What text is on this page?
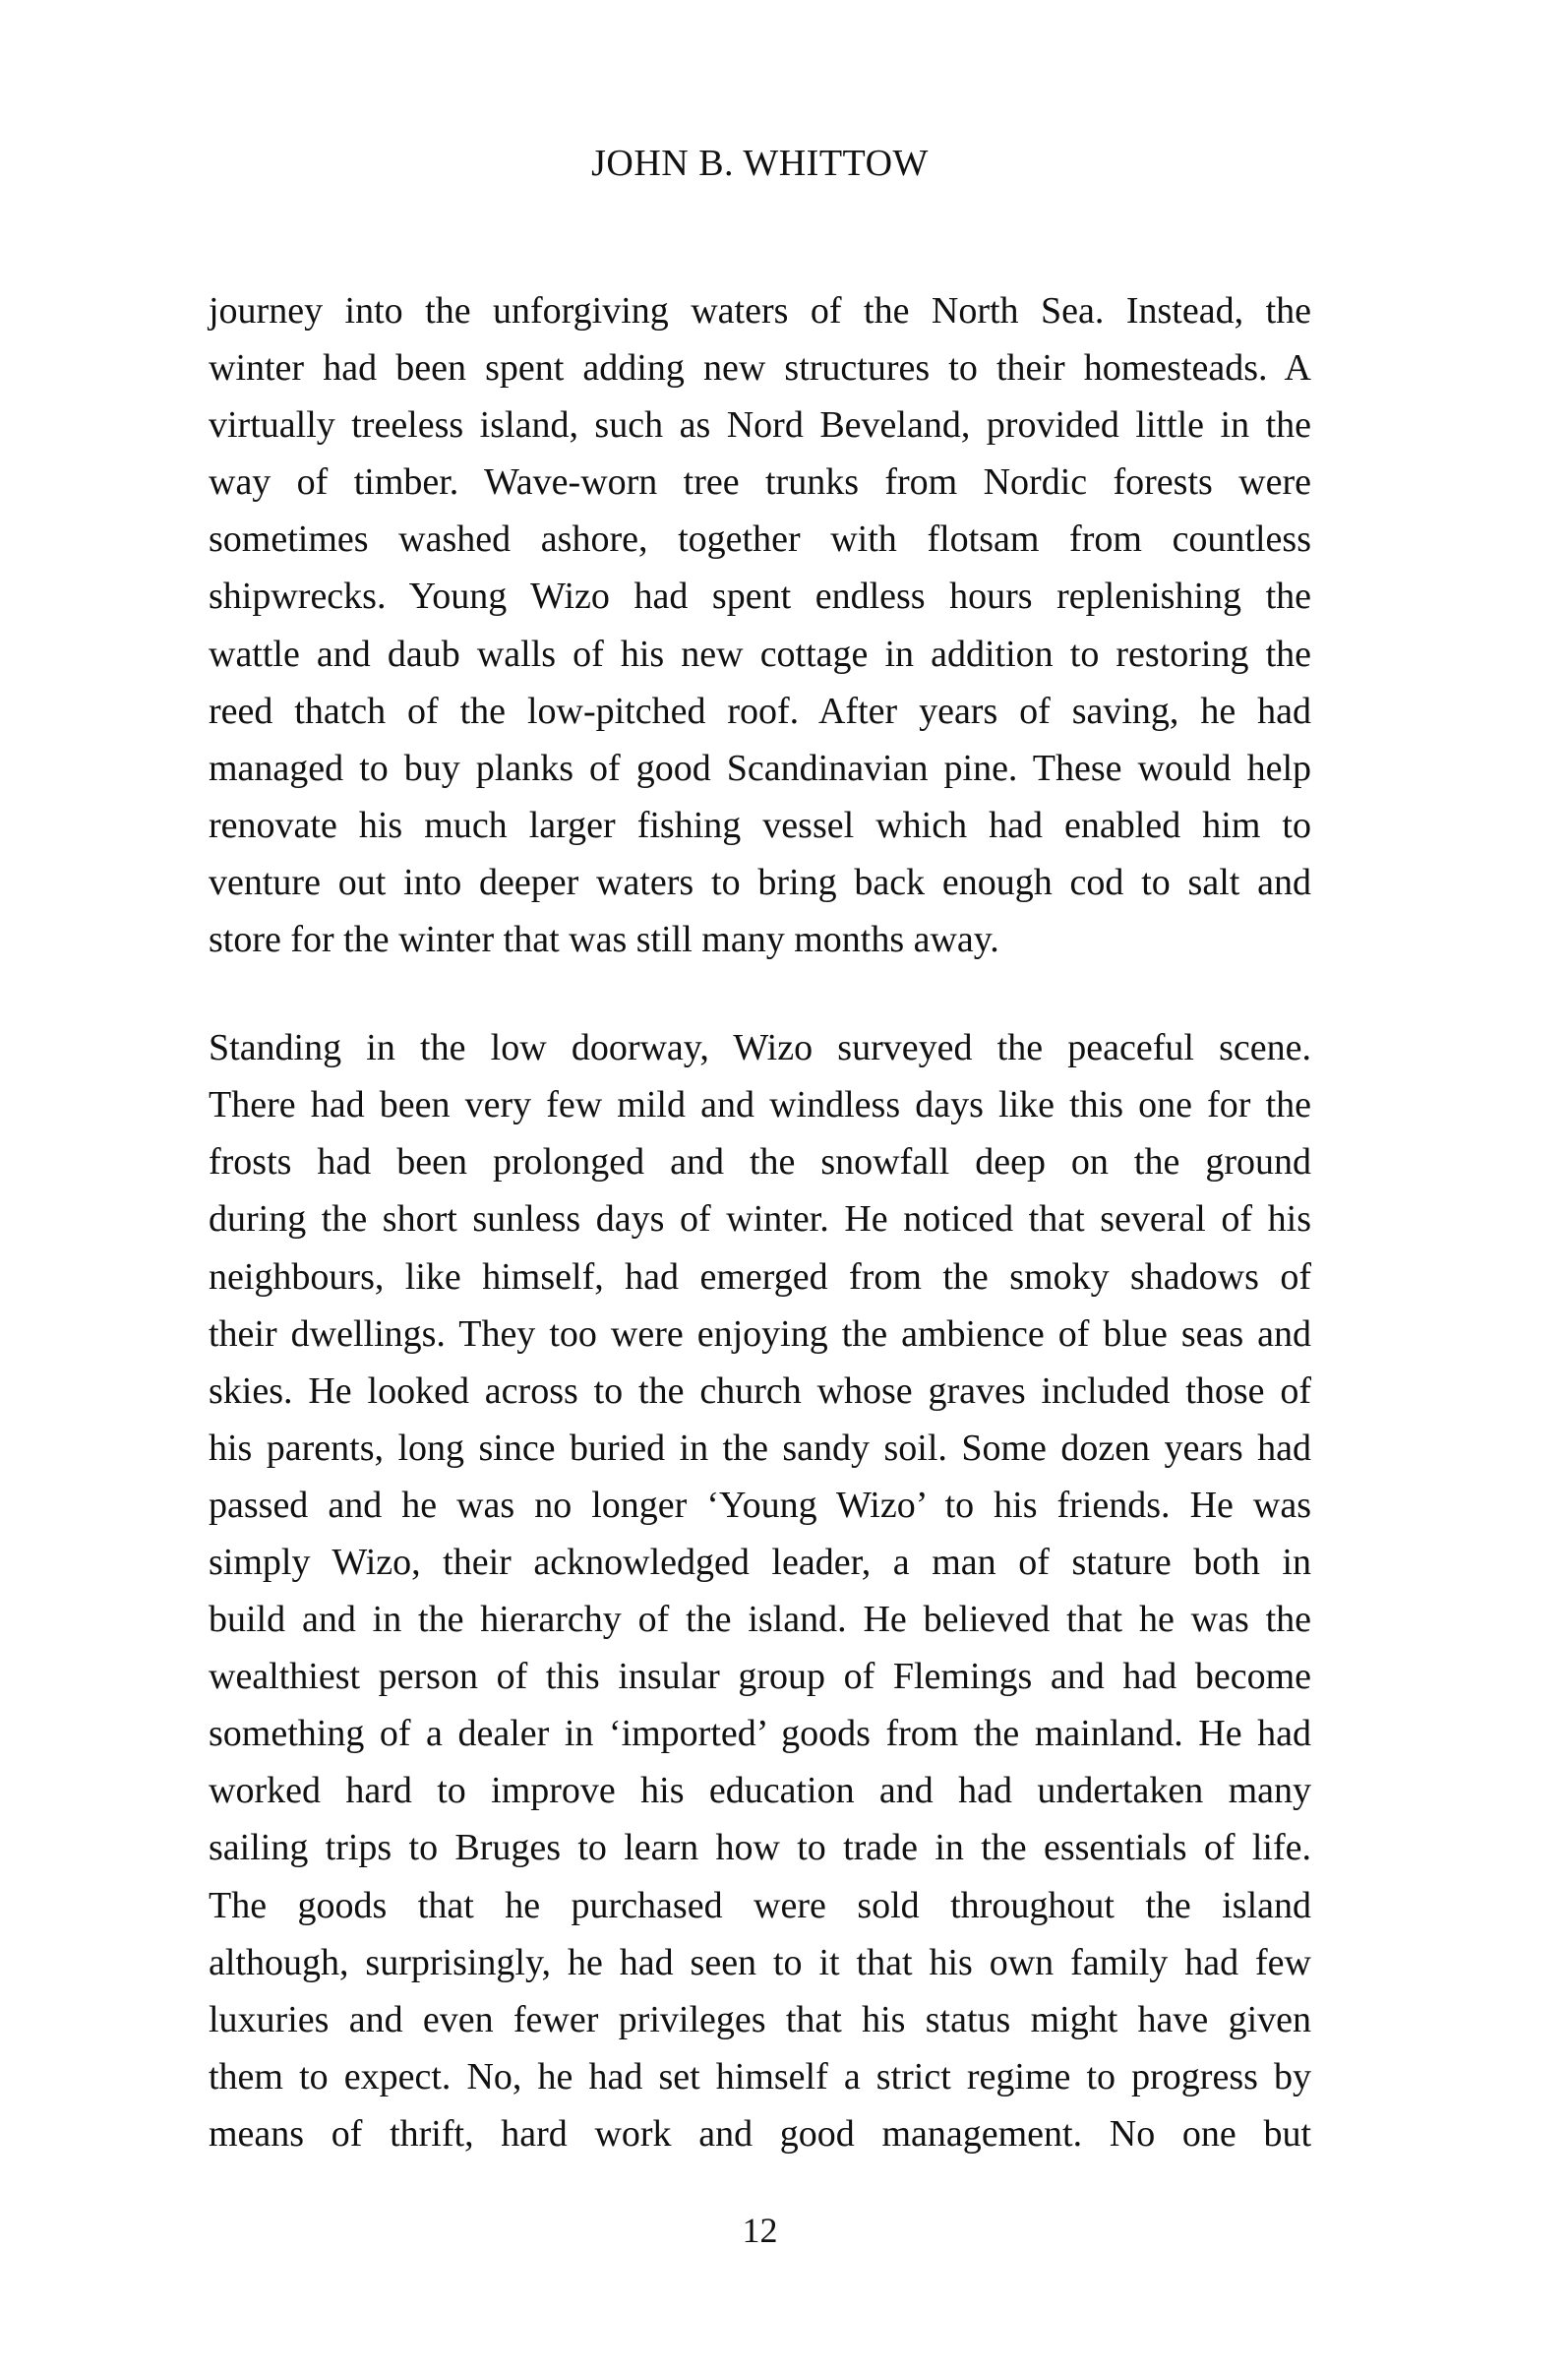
JOHN B. WHITTOW
journey into the unforgiving waters of the North Sea. Instead, the
winter had been spent adding new structures to their homesteads. A
virtually treeless island, such as Nord Beveland, provided little in the
way of timber. Wave-worn tree trunks from Nordic forests were
sometimes washed ashore, together with flotsam from countless
shipwrecks. Young Wizo had spent endless hours replenishing the
wattle and daub walls of his new cottage in addition to restoring the
reed thatch of the low-pitched roof. After years of saving, he had
managed to buy planks of good Scandinavian pine. These would help
renovate his much larger fishing vessel which had enabled him to
venture out into deeper waters to bring back enough cod to salt and
store for the winter that was still many months away.
Standing in the low doorway, Wizo surveyed the peaceful scene.
There had been very few mild and windless days like this one for the
frosts had been prolonged and the snowfall deep on the ground
during the short sunless days of winter. He noticed that several of his
neighbours, like himself, had emerged from the smoky shadows of
their dwellings. They too were enjoying the ambience of blue seas and
skies. He looked across to the church whose graves included those of
his parents, long since buried in the sandy soil. Some dozen years had
passed and he was no longer ‘Young Wizo’ to his friends. He was
simply Wizo, their acknowledged leader, a man of stature both in
build and in the hierarchy of the island. He believed that he was the
wealthiest person of this insular group of Flemings and had become
something of a dealer in ‘imported’ goods from the mainland. He had
worked hard to improve his education and had undertaken many
sailing trips to Bruges to learn how to trade in the essentials of life.
The goods that he purchased were sold throughout the island
although, surprisingly, he had seen to it that his own family had few
luxuries and even fewer privileges that his status might have given
them to expect. No, he had set himself a strict regime to progress by
means of thrift, hard work and good management. No one but
12
